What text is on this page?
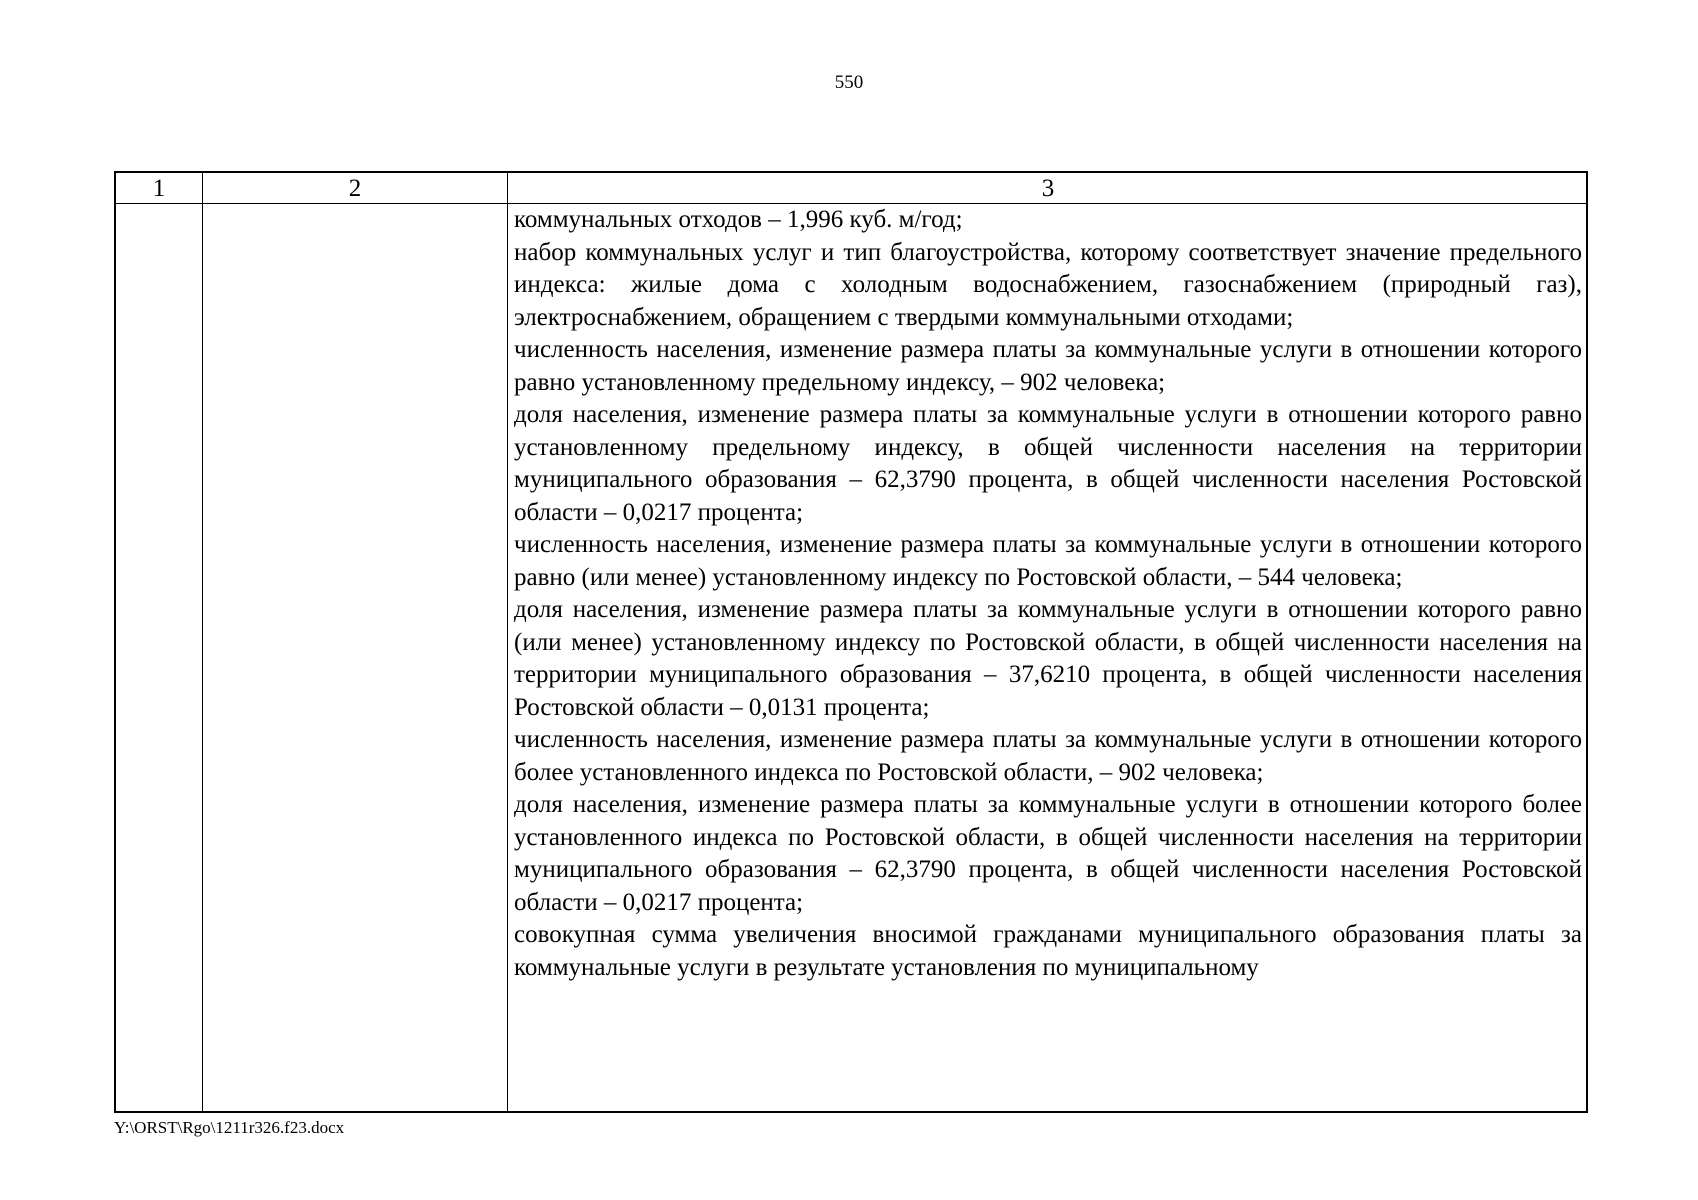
550
1	2	3

коммунальных отходов – 1,996 куб. м/год;

набор коммунальных услуг и тип благоустройства, которому соответствует значение предельного индекса: жилые дома с холодным водоснабжением, газоснабжением (природный газ), электроснабжением, обращением с твердыми коммунальными отходами;

численность населения, изменение размера платы за коммунальные услуги в отношении которого равно установленному предельному индексу, – 902 человека;

доля населения, изменение размера платы за коммунальные услуги в отношении которого равно установленному предельному индексу, в общей численности населения на территории муниципального образования – 62,3790 процента, в общей численности населения Ростовской области – 0,0217 процента;

численность населения, изменение размера платы за коммунальные услуги в отношении которого равно (или менее) установленному индексу по Ростовской области, – 544 человека;

доля населения, изменение размера платы за коммунальные услуги в отношении которого равно (или менее) установленному индексу по Ростовской области, в общей численности населения на территории муниципального образования – 37,6210 процента, в общей численности населения Ростовской области – 0,0131 процента;

численность населения, изменение размера платы за коммунальные услуги в отношении которого более установленного индекса по Ростовской области, – 902 человека;

доля населения, изменение размера платы за коммунальные услуги в отношении которого более установленного индекса по Ростовской области, в общей численности населения на территории муниципального образования – 62,3790 процента, в общей численности населения Ростовской области – 0,0217 процента;

совокупная сумма увеличения вносимой гражданами муниципального образования платы за коммунальные услуги в результате установления по муниципальному

Y:\ORST\Rgo\1211r326.f23.docx
